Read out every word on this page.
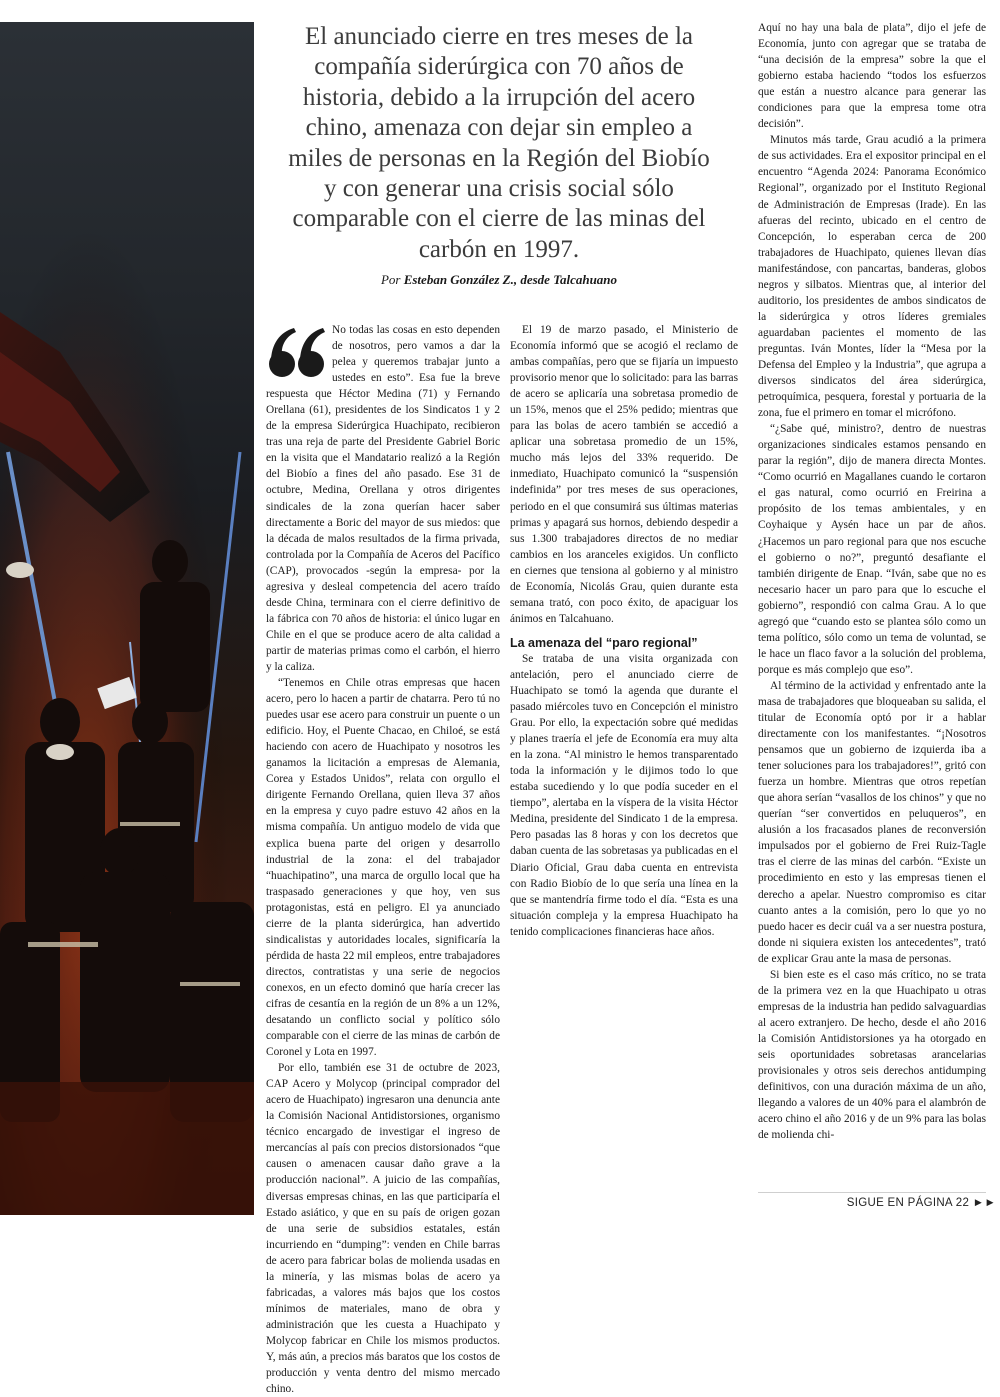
El anunciado cierre en tres meses de la compañía siderúrgica con 70 años de historia, debido a la irrupción del acero chino, amenaza con dejar sin empleo a miles de personas en la Región del Biobío y con generar una crisis social sólo comparable con el cierre de las minas del carbón en 1997.

Por Esteban González Z., desde Talcahuano

No todas las cosas en esto dependen de nosotros, pero vamos a dar la pelea y queremos trabajar junto a ustedes en esto”. Esa fue la breve respuesta que Héctor Medina (71) y Fernando Orellana (61), presidentes de los Sindicatos 1 y 2 de la empresa Siderúrgica Huachipato, recibieron tras una reja de parte del Presidente Gabriel Boric en la visita que el Mandatario realizó a la Región del Biobío a fines del año pasado. Ese 31 de octubre, Medina, Orellana y otros dirigentes sindicales de la zona querían hacer saber directamente a Boric del mayor de sus miedos: que la década de malos resultados de la firma privada, controlada por la Compañía de Aceros del Pacífico (CAP), provocados -según la empresa- por la agresiva y desleal competencia del acero traído desde China, terminara con el cierre definitivo de la fábrica con 70 años de historia: el único lugar en Chile en el que se produce acero de alta calidad a partir de materias primas como el carbón, el hierro y la caliza.

“Tenemos en Chile otras empresas que hacen acero, pero lo hacen a partir de chatarra. Pero tú no puedes usar ese acero para construir un puente o un edificio. Hoy, el Puente Chacao, en Chiloé, se está haciendo con acero de Huachipato y nosotros les ganamos la licitación a empresas de Alemania, Corea y Estados Unidos”, relata con orgullo el dirigente Fernando Orellana, quien lleva 37 años en la empresa y cuyo padre estuvo 42 años en la misma compañía. Un antiguo modelo de vida que explica buena parte del origen y desarrollo industrial de la zona: el del trabajador “huachipatino”, una marca de orgullo local que ha traspasado generaciones y que hoy, ven sus protagonistas, está en peligro. El ya anunciado cierre de la planta siderúrgica, han advertido sindicalistas y autoridades locales, significaría la pérdida de hasta 22 mil empleos, entre trabajadores directos, contratistas y una serie de negocios conexos, en un efecto dominó que haría crecer las cifras de cesantía en la región de un 8% a un 12%, desatando un conflicto social y político sólo comparable con el cierre de las minas de carbón de Coronel y Lota en 1997.

Por ello, también ese 31 de octubre de 2023, CAP Acero y Molycop (principal comprador del acero de Huachipato) ingresaron una denuncia ante la Comisión Nacional Antidistorsiones, organismo técnico encargado de investigar el ingreso de mercancías al país con precios distorsionados “que causen o amenacen causar daño grave a la producción nacional”. A juicio de las compañías, diversas empresas chinas, en las que participaría el Estado asiático, y que en su país de origen gozan de una serie de subsidios estatales, están incurriendo en “dumping”: venden en Chile barras de acero para fabricar bolas de molienda usadas en la minería, y las mismas bolas de acero ya fabricadas, a valores más bajos que los costos mínimos de materiales, mano de obra y administración que les cuesta a Huachipato y Molycop fabricar en Chile los mismos productos. Y, más aún, a precios más baratos que los costos de producción y venta dentro del mismo mercado chino.

El 19 de marzo pasado, el Ministerio de Economía informó que se acogió el reclamo de ambas compañías, pero que se fijaría un impuesto provisorio menor que lo solicitado: para las barras de acero se aplicaría una sobretasa promedio de un 15%, menos que el 25% pedido; mientras que para las bolas de acero también se accedió a aplicar una sobretasa promedio de un 15%, mucho más lejos del 33% requerido. De inmediato, Huachipato comunicó la “suspensión indefinida” por tres meses de sus operaciones, periodo en el que consumirá sus últimas materias primas y apagará sus hornos, debiendo despedir a sus 1.300 trabajadores directos de no mediar cambios en los aranceles exigidos. Un conflicto en ciernes que tensiona al gobierno y al ministro de Economía, Nicolás Grau, quien durante esta semana trató, con poco éxito, de apaciguar los ánimos en Talcahuano.

La amenaza del “paro regional”

Se trataba de una visita organizada con antelación, pero el anunciado cierre de Huachipato se tomó la agenda que durante el pasado miércoles tuvo en Concepción el ministro Grau. Por ello, la expectación sobre qué medidas y planes traería el jefe de Economía era muy alta en la zona. “Al ministro le hemos transparentado toda la información y le dijimos todo lo que estaba sucediendo y lo que podía suceder en el tiempo”, alertaba en la víspera de la visita Héctor Medina, presidente del Sindicato 1 de la empresa. Pero pasadas las 8 horas y con los decretos que daban cuenta de las sobretasas ya publicadas en el Diario Oficial, Grau daba cuenta en entrevista con Radio Biobío de lo que sería una línea en la que se mantendría firme todo el día. “Esta es una situación compleja y la empresa Huachipato ha tenido complicaciones financieras hace años.

Aquí no hay una bala de plata”, dijo el jefe de Economía, junto con agregar que se trataba de “una decisión de la empresa” sobre la que el gobierno estaba haciendo “todos los esfuerzos que están a nuestro alcance para generar las condiciones para que la empresa tome otra decisión”.

Minutos más tarde, Grau acudió a la primera de sus actividades. Era el expositor principal en el encuentro “Agenda 2024: Panorama Económico Regional”, organizado por el Instituto Regional de Administración de Empresas (Irade). En las afueras del recinto, ubicado en el centro de Concepción, lo esperaban cerca de 200 trabajadores de Huachipato, quienes llevan días manifestándose, con pancartas, banderas, globos negros y silbatos. Mientras que, al interior del auditorio, los presidentes de ambos sindicatos de la siderúrgica y otros líderes gremiales aguardaban pacientes el momento de las preguntas. Iván Montes, líder la “Mesa por la Defensa del Empleo y la Industria”, que agrupa a diversos sindicatos del área siderúrgica, petroquímica, pesquera, forestal y portuaria de la zona, fue el primero en tomar el micrófono.

“¿Sabe qué, ministro?, dentro de nuestras organizaciones sindicales estamos pensando en parar la región”, dijo de manera directa Montes. “Como ocurrió en Magallanes cuando le cortaron el gas natural, como ocurrió en Freirina a propósito de los temas ambientales, y en Coyhaique y Aysén hace un par de años. ¿Hacemos un paro regional para que nos escuche el gobierno o no?”, preguntó desafiante el también dirigente de Enap. “Iván, sabe que no es necesario hacer un paro para que lo escuche el gobierno”, respondió con calma Grau. A lo que agregó que “cuando esto se plantea sólo como un tema político, sólo como un tema de voluntad, se le hace un flaco favor a la solución del problema, porque es más complejo que eso”.

Al término de la actividad y enfrentado ante la masa de trabajadores que bloqueaban su salida, el titular de Economía optó por ir a hablar directamente con los manifestantes. “¡Nosotros pensamos que un gobierno de izquierda iba a tener soluciones para los trabajadores!”, gritó con fuerza un hombre. Mientras que otros repetían que ahora serían “vasallos de los chinos” y que no querían “ser convertidos en peluqueros”, en alusión a los fracasados planes de reconversión impulsados por el gobierno de Frei Ruiz-Tagle tras el cierre de las minas del carbón. “Existe un procedimiento en esto y las empresas tienen el derecho a apelar. Nuestro compromiso es citar cuanto antes a la comisión, pero lo que yo no puedo hacer es decir cuál va a ser nuestra postura, donde ni siquiera existen los antecedentes”, trató de explicar Grau ante la masa de personas.

Si bien este es el caso más crítico, no se trata de la primera vez en la que Huachipato u otras empresas de la industria han pedido salvaguardias al acero extranjero. De hecho, desde el año 2016 la Comisión Antidistorsiones ya ha otorgado en seis oportunidades sobretasas arancelarias provisionales y otros seis derechos antidumping definitivos, con una duración máxima de un año, llegando a valores de un 40% para el alambrón de acero chino el año 2016 y de un 9% para las bolas de molienda chi-

SIGUE EN PÁGINA 22 ►►
